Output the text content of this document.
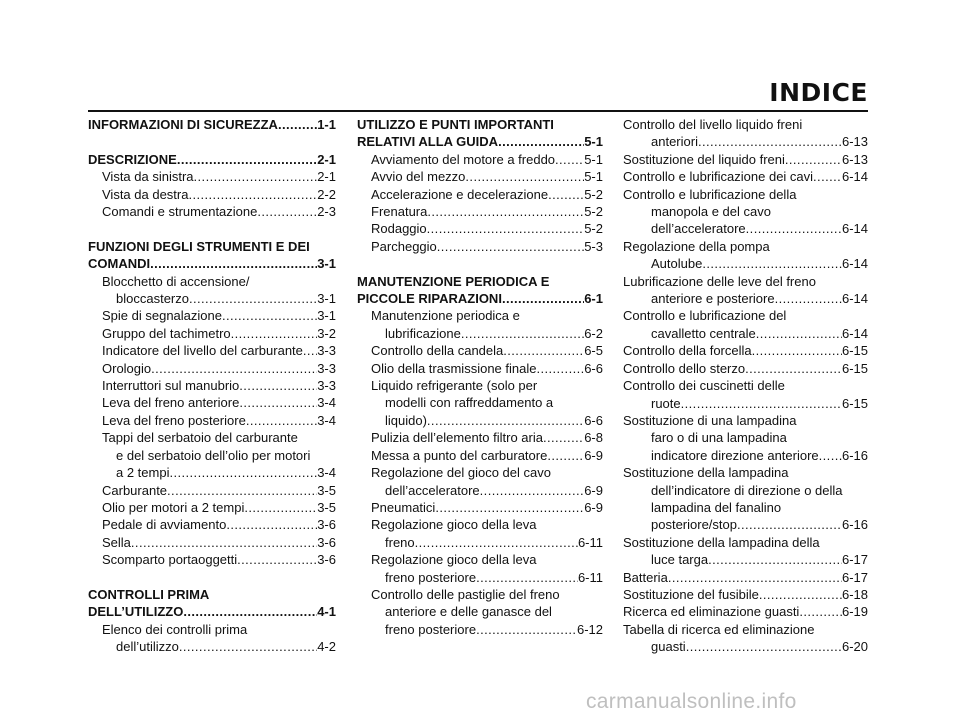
INDICE

INFORMAZIONI DI SICUREZZA .....	1-1

DESCRIZIONE .....	2-1

Vista da sinistra .....	2-1

Vista da destra .....	2-2

Comandi e strumentazione .....	2-3

FUNZIONI DEGLI STRUMENTI E DEI

COMANDI .....	3-1

Blocchetto di accensione/

bloccasterzo .....	3-1

Spie di segnalazione .....	3-1

Gruppo del tachimetro .....	3-2

Indicatore del livello del carburante ..... 3-3

Orologio .....	3-3

Interruttori sul manubrio .....	3-3

Leva del freno anteriore .....	3-4

Leva del freno posteriore .....	3-4

Tappi del serbatoio del carburante

e del serbatoio dell’olio per motori

a 2 tempi .....	3-4

Carburante .....	3-5

Olio per motori a 2 tempi .....	3-5

Pedale di avviamento .....	3-6

Sella .....	3-6

Scomparto portaoggetti .....	3-6

CONTROLLI PRIMA

DELL’UTILIZZO .....	4-1

Elenco dei controlli prima

dell’utilizzo .....	4-2

UTILIZZO E PUNTI IMPORTANTI

RELATIVI ALLA GUIDA .....	5-1

Avviamento del motore a freddo ..... 5-1

Avvio del mezzo .....	5-1

Accelerazione e decelerazione .....	5-2

Frenatura .....	5-2

Rodaggio .....	5-2

Parcheggio .....	5-3

MANUTENZIONE PERIODICA E

PICCOLE RIPARAZIONI .....	6-1

Manutenzione periodica e

lubrificazione .....	6-2

Controllo della candela .....	6-5

Olio della trasmissione finale .....	6-6

Liquido refrigerante (solo per

modelli con raffreddamento a

liquido) .....	6-6

Pulizia dell’elemento filtro aria .....	6-8

Messa a punto del carburatore .....	6-9

Regolazione del gioco del cavo

dell’acceleratore .....	6-9

Pneumatici .....	6-9

Regolazione gioco della leva

freno .....	6-11

Regolazione gioco della leva

freno posteriore .....	6-11

Controllo delle pastiglie del freno

anteriore e delle ganasce del

freno posteriore .....	6-12

Controllo del livello liquido freni

anteriori .....	6-13

Sostituzione del liquido freni .....	6-13

Controllo e lubrificazione dei cavi ..... 6-14

Controllo e lubrificazione della

manopola e del cavo

dell’acceleratore .....	6-14

Regolazione della pompa

Autolube .....	6-14

Lubrificazione delle leve del freno

anteriore e posteriore .....	6-14

Controllo e lubrificazione del

cavalletto centrale .....	6-14

Controllo della forcella .....	6-15

Controllo dello sterzo .....	6-15

Controllo dei cuscinetti delle

ruote .....	6-15

Sostituzione di una lampadina

faro o di una lampadina

indicatore direzione anteriore ..... 6-16

Sostituzione della lampadina

dell’indicatore di direzione o della

lampadina del fanalino

posteriore/stop .....	6-16

Sostituzione della lampadina della

luce targa .....	6-17

Batteria .....	6-17

Sostituzione del fusibile .....	6-18

Ricerca ed eliminazione guasti .....	6-19

Tabella di ricerca ed eliminazione

guasti .....	6-20

carmanualsonline.info
